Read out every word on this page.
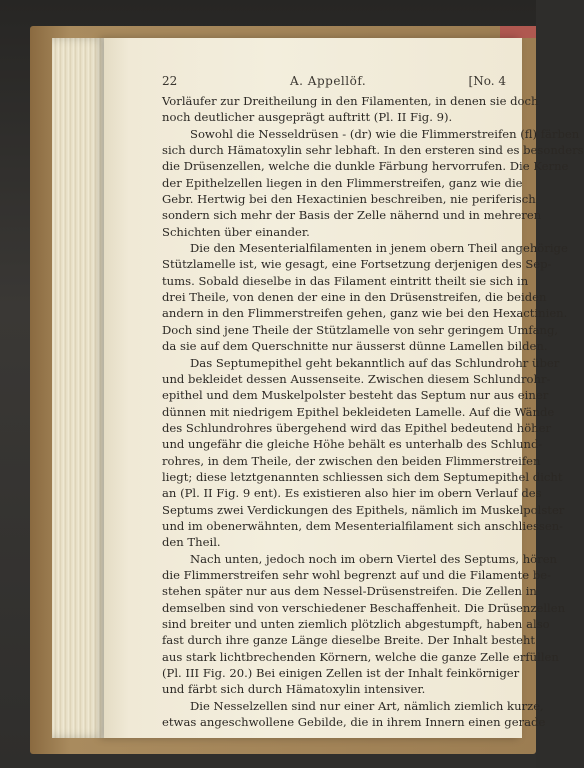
22	A. Appellöf.	[No. 4
Vorläufer zur Dreitheilung in den Filamenten, in denen sie doch
noch deutlicher ausgeprägt auftritt (Pl. II Fig. 9).
Sowohl die Nesseldrüsen - (dr) wie die Flimmerstreifen (fl) färben
sich durch Hämatoxylin sehr lebhaft. In den ersteren sind es besonders
die Drüsenzellen, welche die dunkle Färbung hervorrufen. Die Kerne
der Epithelzellen liegen in den Flimmerstreifen, ganz wie die
Gebr. Hertwig bei den Hexactinien beschreiben, nie periferisch
sondern sich mehr der Basis der Zelle nähernd und in mehreren
Schichten über einander.
Die den Mesenterialfilamenten in jenem obern Theil angehörige
Stützlamelle ist, wie gesagt, eine Fortsetzung derjenigen des Sep-
tums. Sobald dieselbe in das Filament eintritt theilt sie sich in
drei Theile, von denen der eine in den Drüsenstreifen, die beiden
andern in den Flimmerstreifen gehen, ganz wie bei den Hexactinien.
Doch sind jene Theile der Stützlamelle von sehr geringem Umfang,
da sie auf dem Querschnitte nur äusserst dünne Lamellen bilden.
Das Septumepithel geht bekanntlich auf das Schlundrohr über
und bekleidet dessen Aussenseite. Zwischen diesem Schlundrohr-
epithel und dem Muskelpolster besteht das Septum nur aus einer
dünnen mit niedrigem Epithel bekleideten Lamelle. Auf die Wände
des Schlundrohres übergehend wird das Epithel bedeutend höher
und ungefähr die gleiche Höhe behält es unterhalb des Schlund-
rohres, in dem Theile, der zwischen den beiden Flimmerstreifen
liegt; diese letztgenannten schliessen sich dem Septumepithel dicht
an (Pl. II Fig. 9 ent). Es existieren also hier im obern Verlauf des
Septums zwei Verdickungen des Epithels, nämlich im Muskelpolster
und im obenerwähnten, dem Mesenterialfilament sich anschliessen-
den Theil.
Nach unten, jedoch noch im obern Viertel des Septums, hören
die Flimmerstreifen sehr wohl begrenzt auf und die Filamente be-
stehen später nur aus dem Nessel-Drüsenstreifen. Die Zellen in
demselben sind von verschiedener Beschaffenheit. Die Drüsenzellen
sind breiter und unten ziemlich plötzlich abgestumpft, haben also
fast durch ihre ganze Länge dieselbe Breite. Der Inhalt besteht
aus stark lichtbrechenden Körnern, welche die ganze Zelle erfüllen
(Pl. III Fig. 20.) Bei einigen Zellen ist der Inhalt feinkörniger
und färbt sich durch Hämatoxylin intensiver.
Die Nesselzellen sind nur einer Art, nämlich ziemlich kurze,
etwas angeschwollene Gebilde, die in ihrem Innern einen gerade
